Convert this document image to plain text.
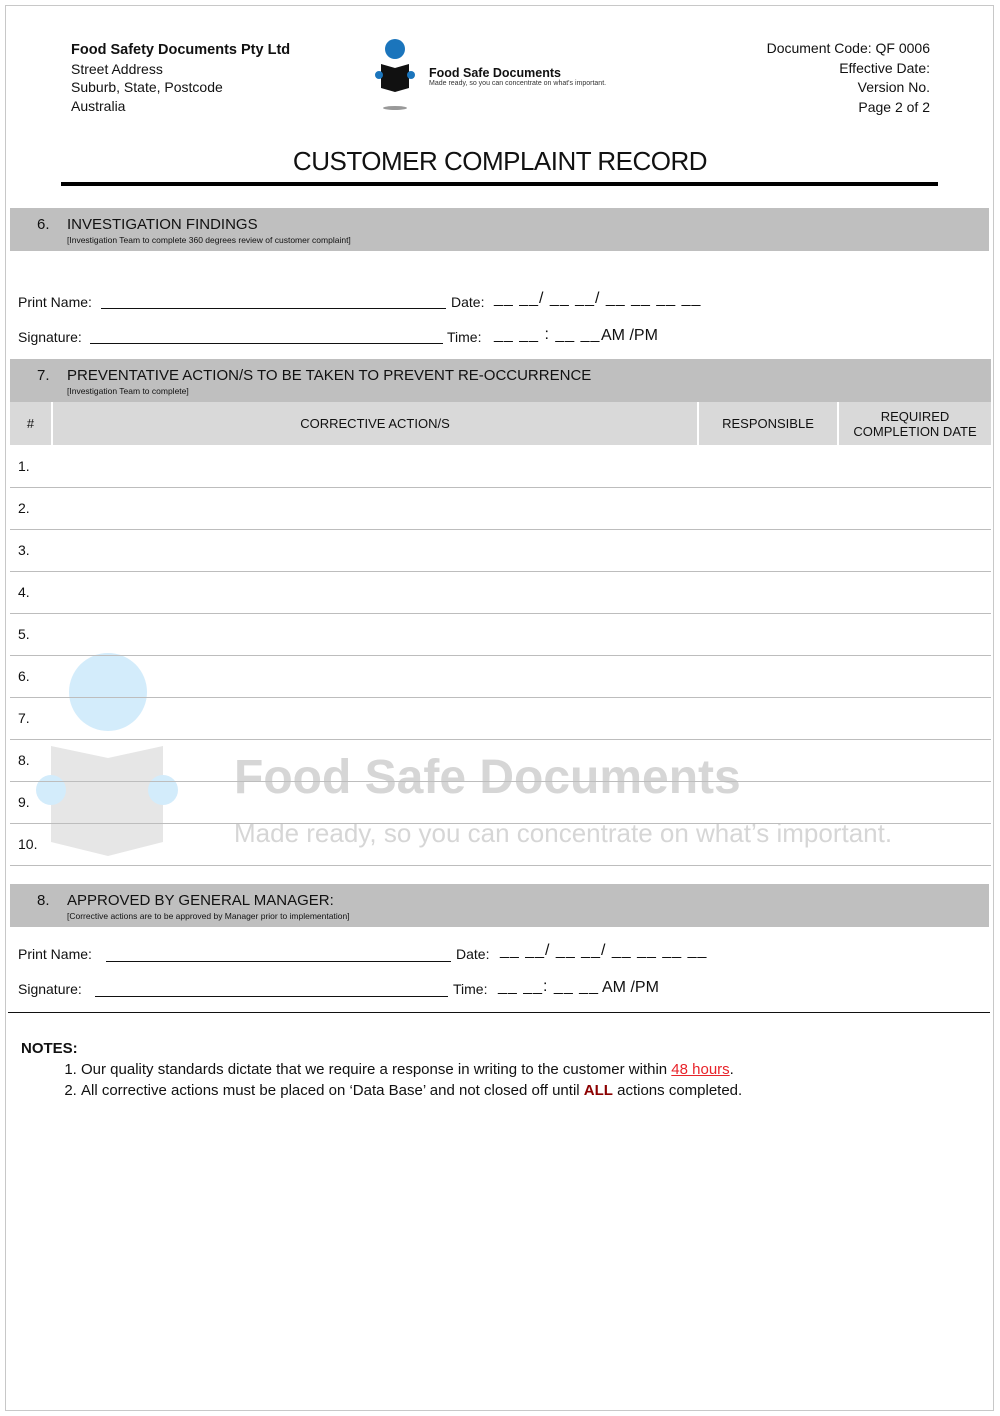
Food Safety Documents Pty Ltd
Street Address
Suburb, State, Postcode
Australia
Food Safe Documents
Made ready, so you can concentrate on what's important.
Document Code: QF 0006
Effective Date:
Version No.
Page 2 of 2
CUSTOMER COMPLAINT RECORD
Food Safe Documents
Made ready, so you can concentrate on what’s important.
6. INVESTIGATION FINDINGS
[Investigation Team to complete 360 degrees review of customer complaint]
Print Name:	Date: __ __/ __ __/ __ __ __ __
Signature:	Time: __ __ : __ __ AM /PM
7. PREVENTATIVE ACTION/S TO BE TAKEN TO PREVENT RE-OCCURRENCE
[Investigation Team to complete]
#	CORRECTIVE ACTION/S	RESPONSIBLE	REQUIRED COMPLETION DATE
1.
2.
3.
4.
5.
6.
7.
8.
9.
10.
8. APPROVED BY GENERAL MANAGER:
[Corrective actions are to be approved by Manager prior to implementation]
Print Name:	Date: __ __/ __ __/ __ __ __ __
Signature:	Time: __ __: __ __ AM /PM
NOTES:
1. Our quality standards dictate that we require a response in writing to the customer within 48 hours.
2. All corrective actions must be placed on ‘Data Base’ and not closed off until ALL actions completed.
